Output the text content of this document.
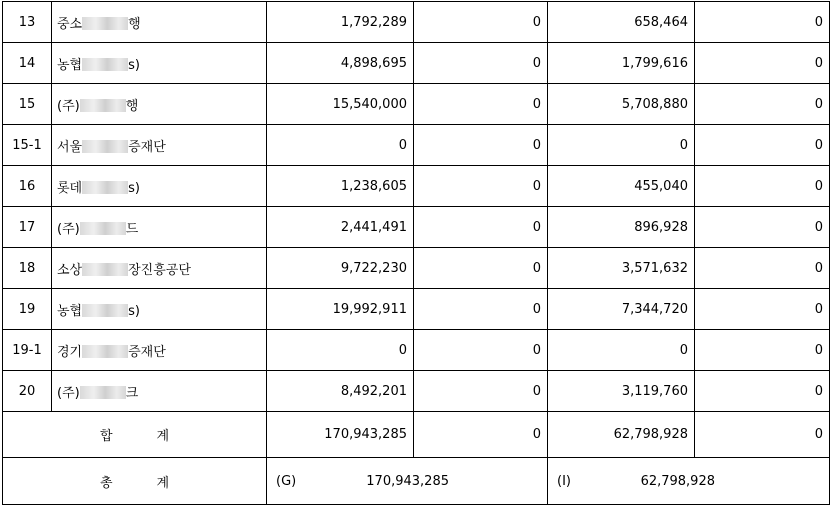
13	중소 행	1,792,289	0	658,464	0
14	농협 s)	4,898,695	0	1,799,616	0
15	(주) 행	15,540,000	0	5,708,880	0
15-1	서울 증재단	0	0	0	0
16	롯데 s)	1,238,605	0	455,040	0
17	(주) 드	2,441,491	0	896,928	0
18	소상 장진흥공단	9,722,230	0	3,571,632	0
19	농협 s)	19,992,911	0	7,344,720	0
19-1	경기 증재단	0	0	0	0
20	(주) 크	8,492,201	0	3,119,760	0
합 계		170,943,285	0	62,798,928	0
총 계		(G) 170,943,285		(I) 62,798,928	
